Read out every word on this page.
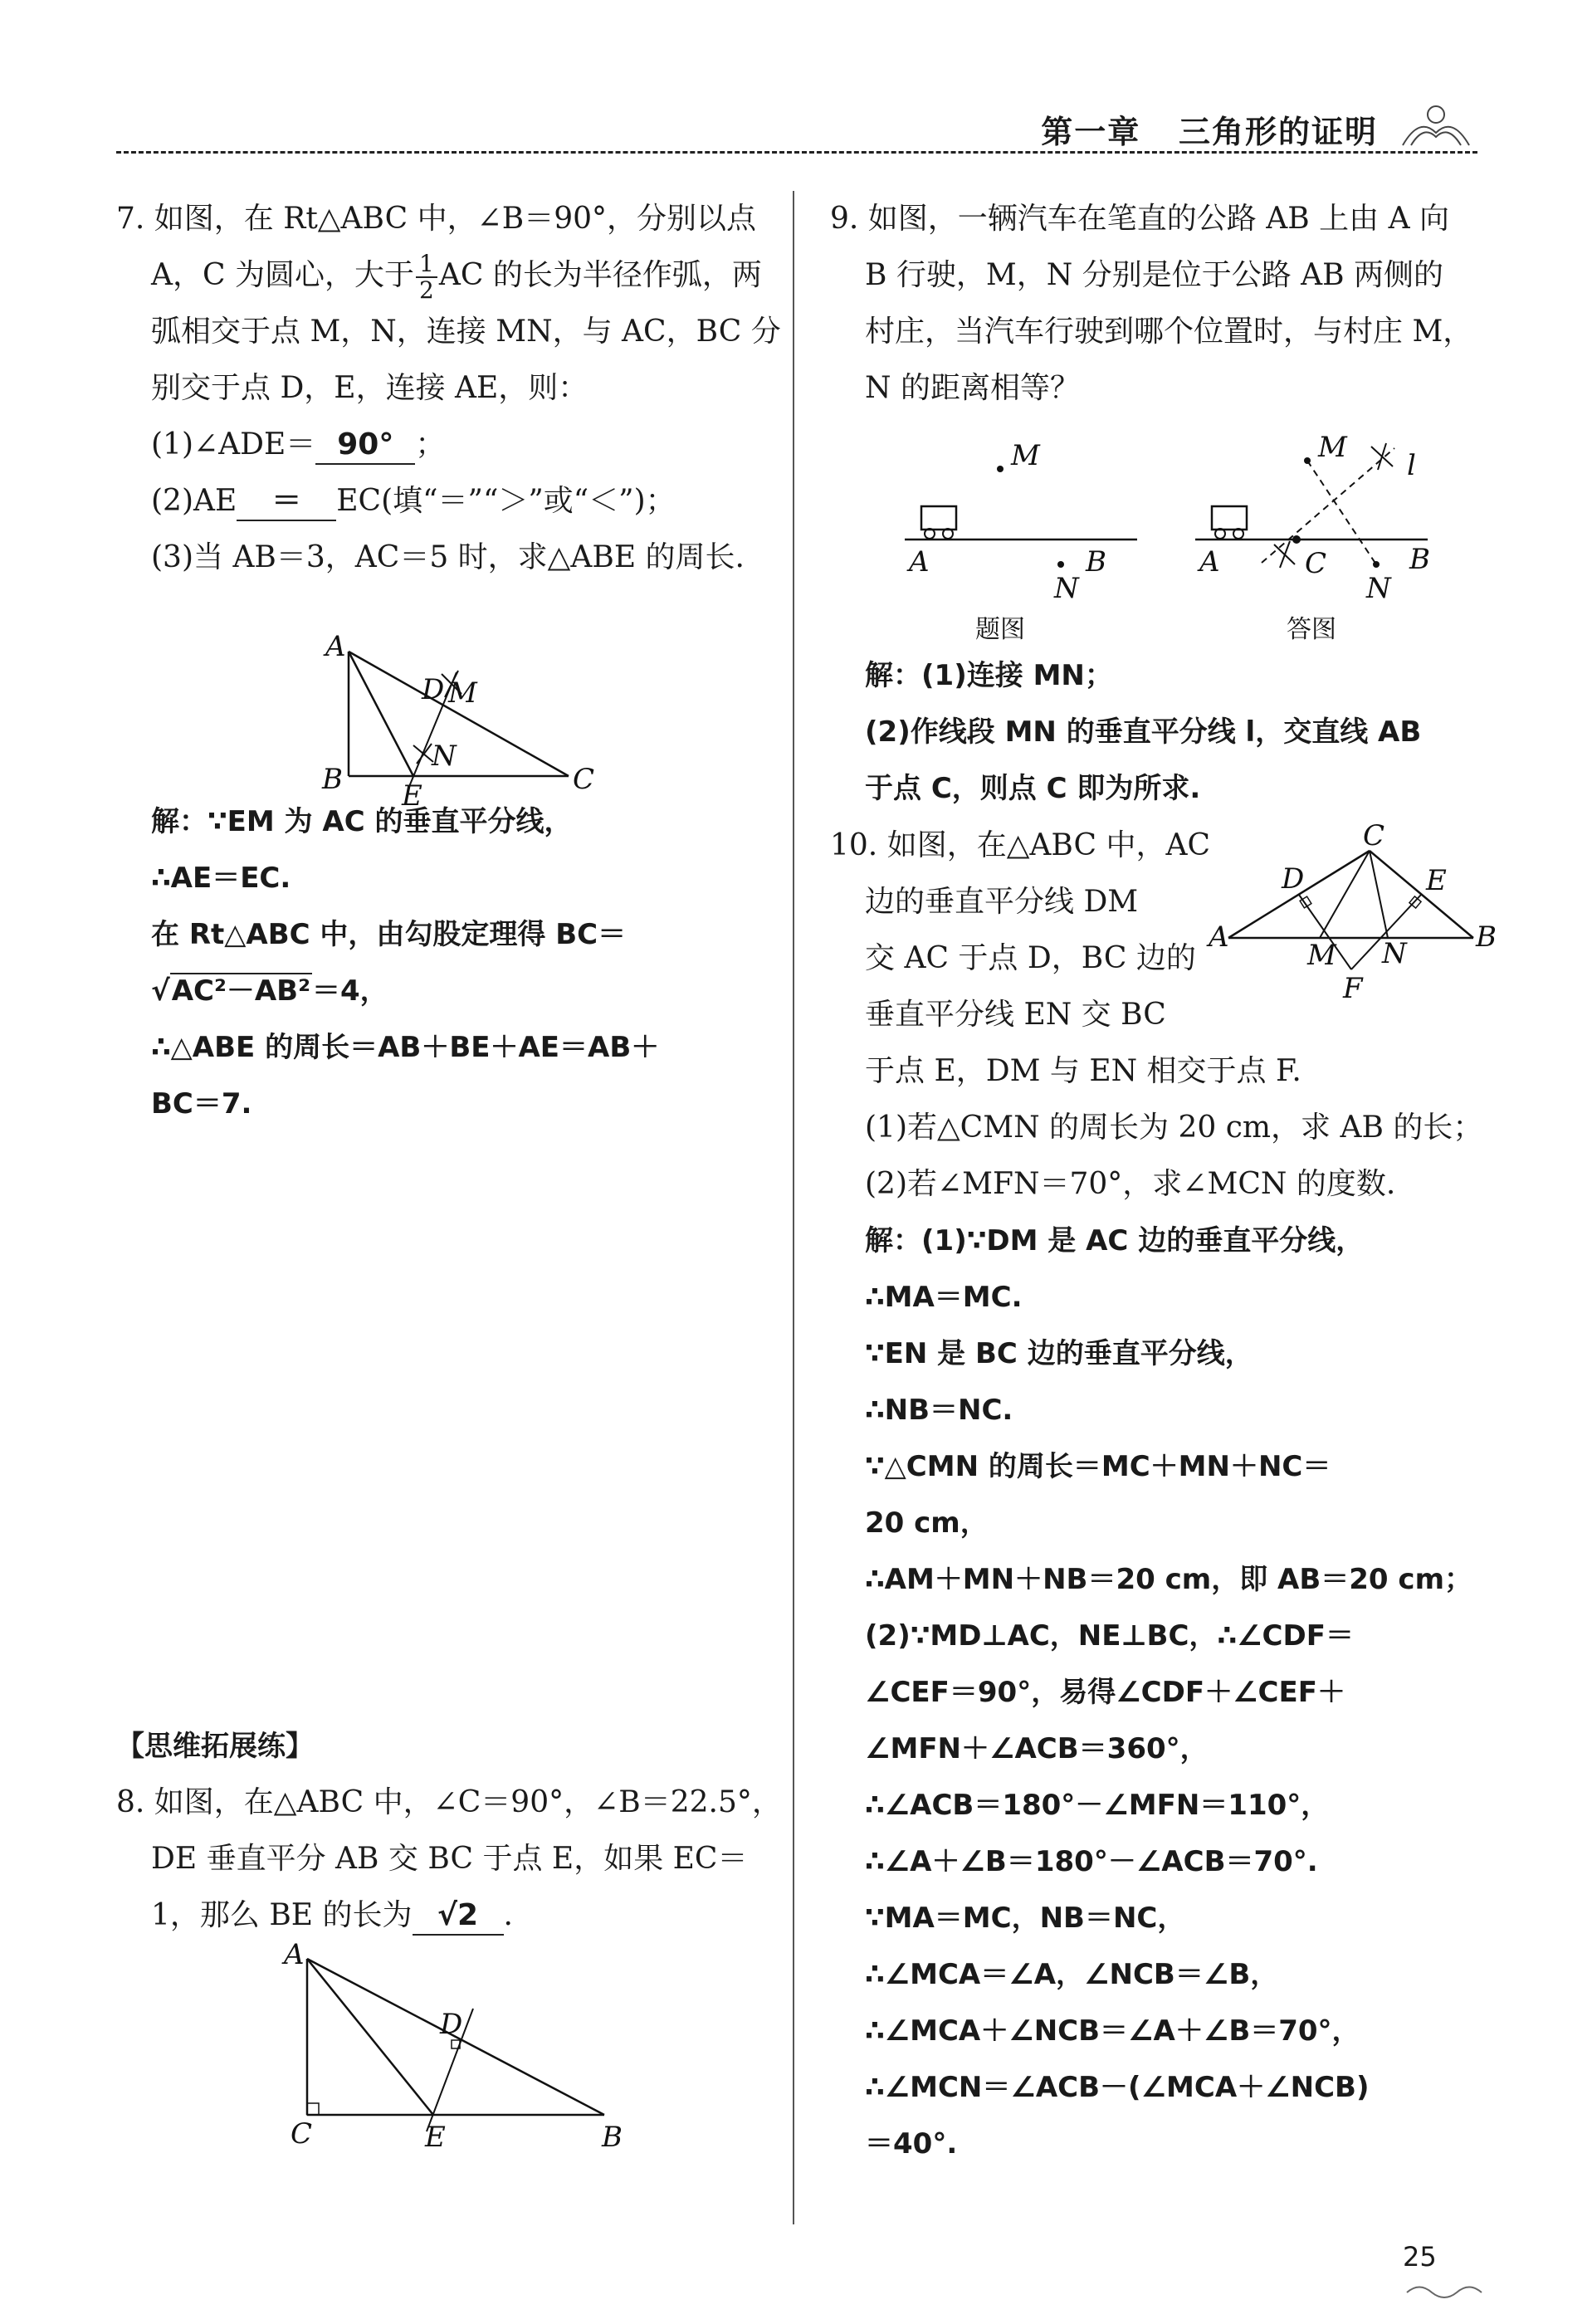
第一章 三角形的证明

7. 如图，在 Rt△ABC 中，∠B＝90°，分别以点

A，C 为圆心，大于 $\frac{1}{2}$ AC 的长为半径作弧，两

弧相交于点 M，N，连接 MN，与 AC，BC 分

别交于点 D，E，连接 AE，则：

(1)∠ADE＝ 90° ；

(2)AE ＝ EC(填“＝”“＞”或“＜”)；

(3)当 AB＝3，AC＝5 时，求△ABE 的周长.

解：∵EM 为 AC 的垂直平分线，

∴AE＝EC.

在 Rt△ABC 中，由勾股定理得 BC＝

√AC²－AB²＝4，

∴△ABE 的周长＝AB＋BE＋AE＝AB＋

BC＝7.

A
B	C
D M
N
E

【思维拓展练】

8. 如图，在△ABC 中，∠C＝90°，∠B＝22.5°，

DE 垂直平分 AB 交 BC 于点 E，如果 EC＝

1，那么 BE 的长为 √2 .

A
C	E	B
D

9. 如图，一辆汽车在笔直的公路 AB 上由 A 向

B 行驶，M，N 分别是位于公路 AB 两侧的

村庄，当汽车行驶到哪个位置时，与村庄 M，

N 的距离相等？

M
A	B
N
题图
M
l
A	C	B
N
答图

解：(1)连接 MN；

(2)作线段 MN 的垂直平分线 l，交直线 AB

于点 C，则点 C 即为所求.

10. 如图，在△ABC 中，AC

边的垂直平分线 DM

交 AC 于点 D，BC 边的

垂直平分线 EN 交 BC

于点 E，DM 与 EN 相交于点 F.

(1)若△CMN 的周长为 20 cm，求 AB 的长；

(2)若∠MFN＝70°，求∠MCN 的度数.

解：(1)∵DM 是 AC 边的垂直平分线，

∴MA＝MC.

∵EN 是 BC 边的垂直平分线，

∴NB＝NC.

∵△CMN 的周长＝MC＋MN＋NC＝

20 cm，

∴AM＋MN＋NB＝20 cm，即 AB＝20 cm；

(2)∵MD⊥AC，NE⊥BC，∴∠CDF＝

∠CEF＝90°，易得∠CDF＋∠CEF＋

∠MFN＋∠ACB＝360°，

∴∠ACB＝180°－∠MFN＝110°，

∴∠A＋∠B＝180°－∠ACB＝70°.

∵MA＝MC，NB＝NC，

∴∠MCA＝∠A，∠NCB＝∠B，

∴∠MCA＋∠NCB＝∠A＋∠B＝70°，

∴∠MCN＝∠ACB－(∠MCA＋∠NCB)

＝40°.

C
D	E
A	B
M N
F
25
